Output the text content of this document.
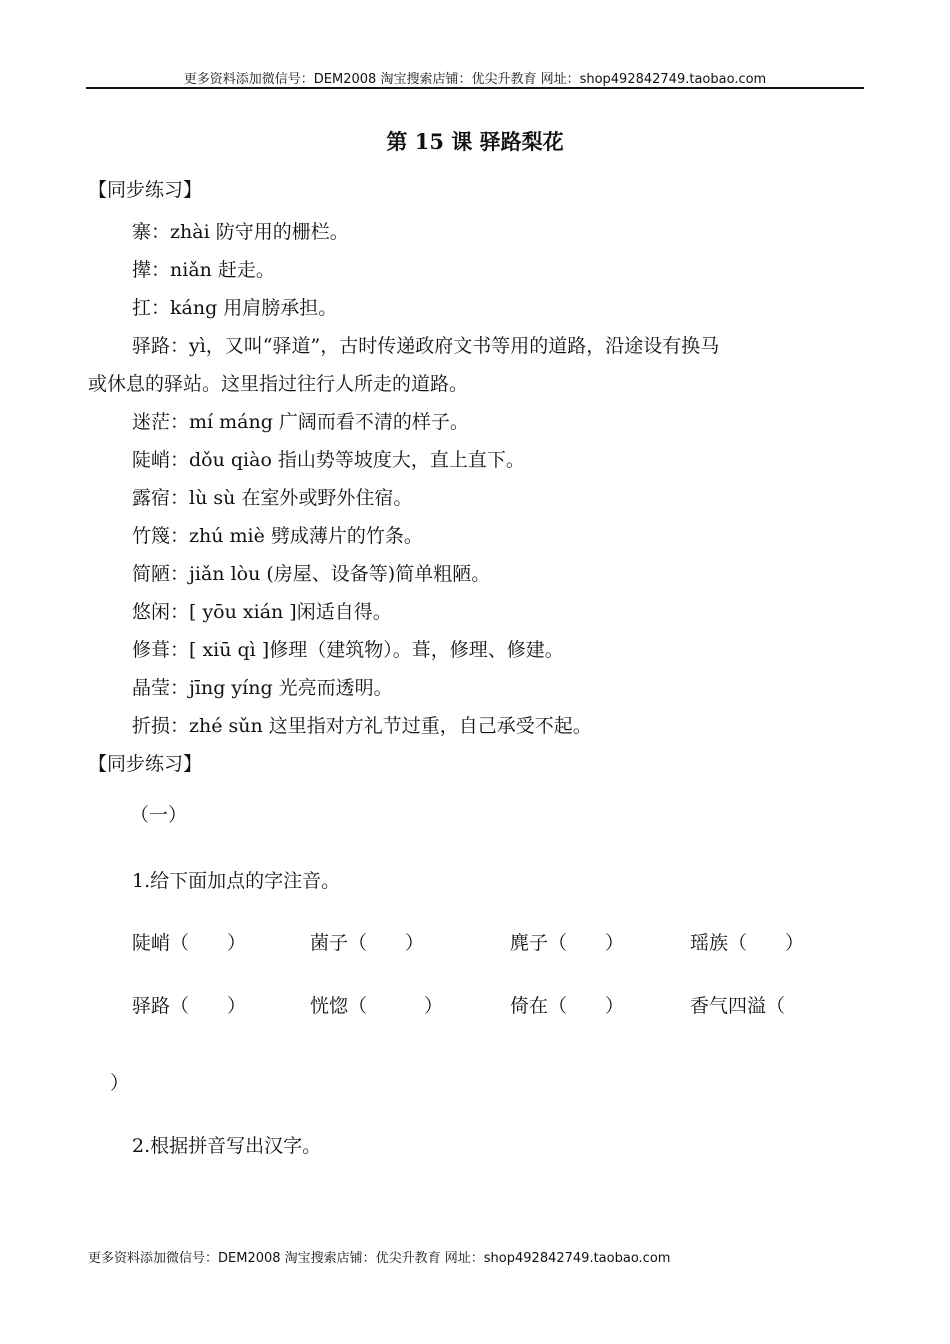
更多资料添加微信号：DEM2008 淘宝搜索店铺：优尖升教育 网址：shop492842749.taobao.com
第 15 课 驿路梨花
【同步练习】
寨：zhài 防守用的栅栏。
撵：niǎn 赶走。
扛：káng 用肩膀承担。
驿路：yì，又叫“驿道”，古时传递政府文书等用的道路，沿途设有换马
或休息的驿站。这里指过往行人所走的道路。
迷茫：mí máng 广阔而看不清的样子。
陡峭：dǒu qiào 指山势等坡度大，直上直下。
露宿：lù sù 在室外或野外住宿。
竹篾：zhú miè 劈成薄片的竹条。
简陋：jiǎn lòu (房屋、设备等)简单粗陋。
悠闲：[ yōu xián ]闲适自得。
修葺：[ xiū qì ]修理（建筑物）。葺，修理、修建。
晶莹：jīng yíng 光亮而透明。
折损：zhé sǔn 这里指对方礼节过重，自己承受不起。
【同步练习】
（一）
1.给下面加点的字注音。
陡峭（　　）	菌子（　　）	麂子（　　）	瑶族（　　）
驿路（　　）	恍惚（　　　）	倚在（　　）	香气四溢（
）
2.根据拼音写出汉字。
更多资料添加微信号：DEM2008 淘宝搜索店铺：优尖升教育 网址：shop492842749.taobao.com
